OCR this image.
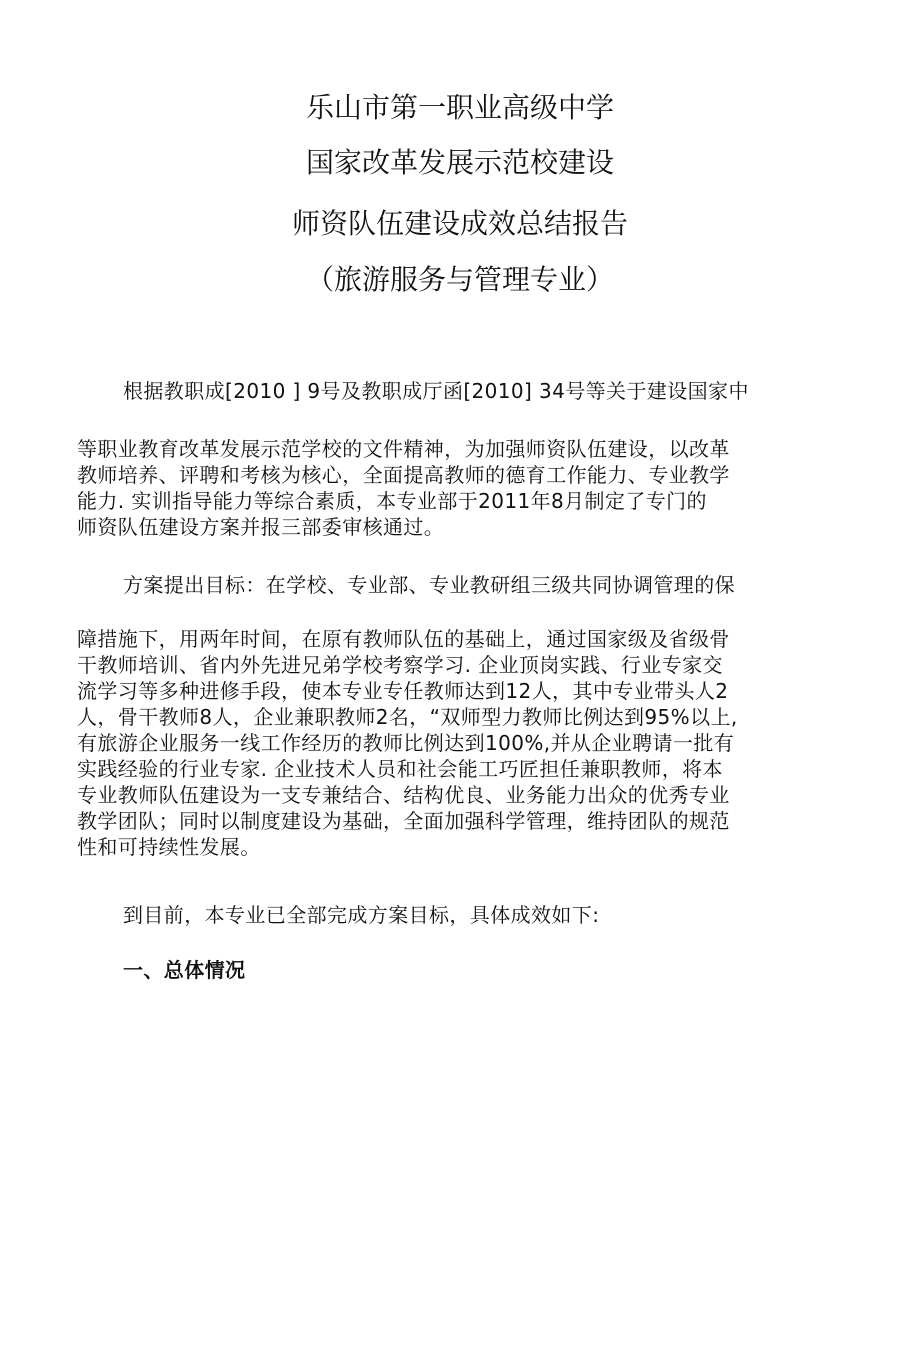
乐山市第一职业高级中学
国家改革发展示范校建设
师资队伍建设成效总结报告
（旅游服务与管理专业）
根据教职成[2010 ] 9号及教职成厅函[2010] 34号等关于建设国家中
等职业教育改革发展示范学校的文件精神，为加强师资队伍建设，以改革
教师培养、评聘和考核为核心，全面提高教师的德育工作能力、专业教学
能力. 实训指导能力等综合素质，本专业部于2011年8月制定了专门的
师资队伍建设方案并报三部委审核通过。
方案提出目标：在学校、专业部、专业教研组三级共同协调管理的保
障措施下，用两年时间，在原有教师队伍的基础上，通过国家级及省级骨
干教师培训、省内外先进兄弟学校考察学习. 企业顶岗实践、行业专家交
流学习等多种进修手段，使本专业专任教师达到12人，其中专业带头人2
人，骨干教师8人，企业兼职教师2名，“双师型力教师比例达到95%以上,
有旅游企业服务一线工作经历的教师比例达到100%,并从企业聘请一批有
实践经验的行业专家. 企业技术人员和社会能工巧匠担任兼职教师，将本
专业教师队伍建设为一支专兼结合、结构优良、业务能力出众的优秀专业
教学团队；同时以制度建设为基础，全面加强科学管理，维持团队的规范
性和可持续性发展。
到目前，本专业已全部完成方案目标，具体成效如下:
一、总体情况
